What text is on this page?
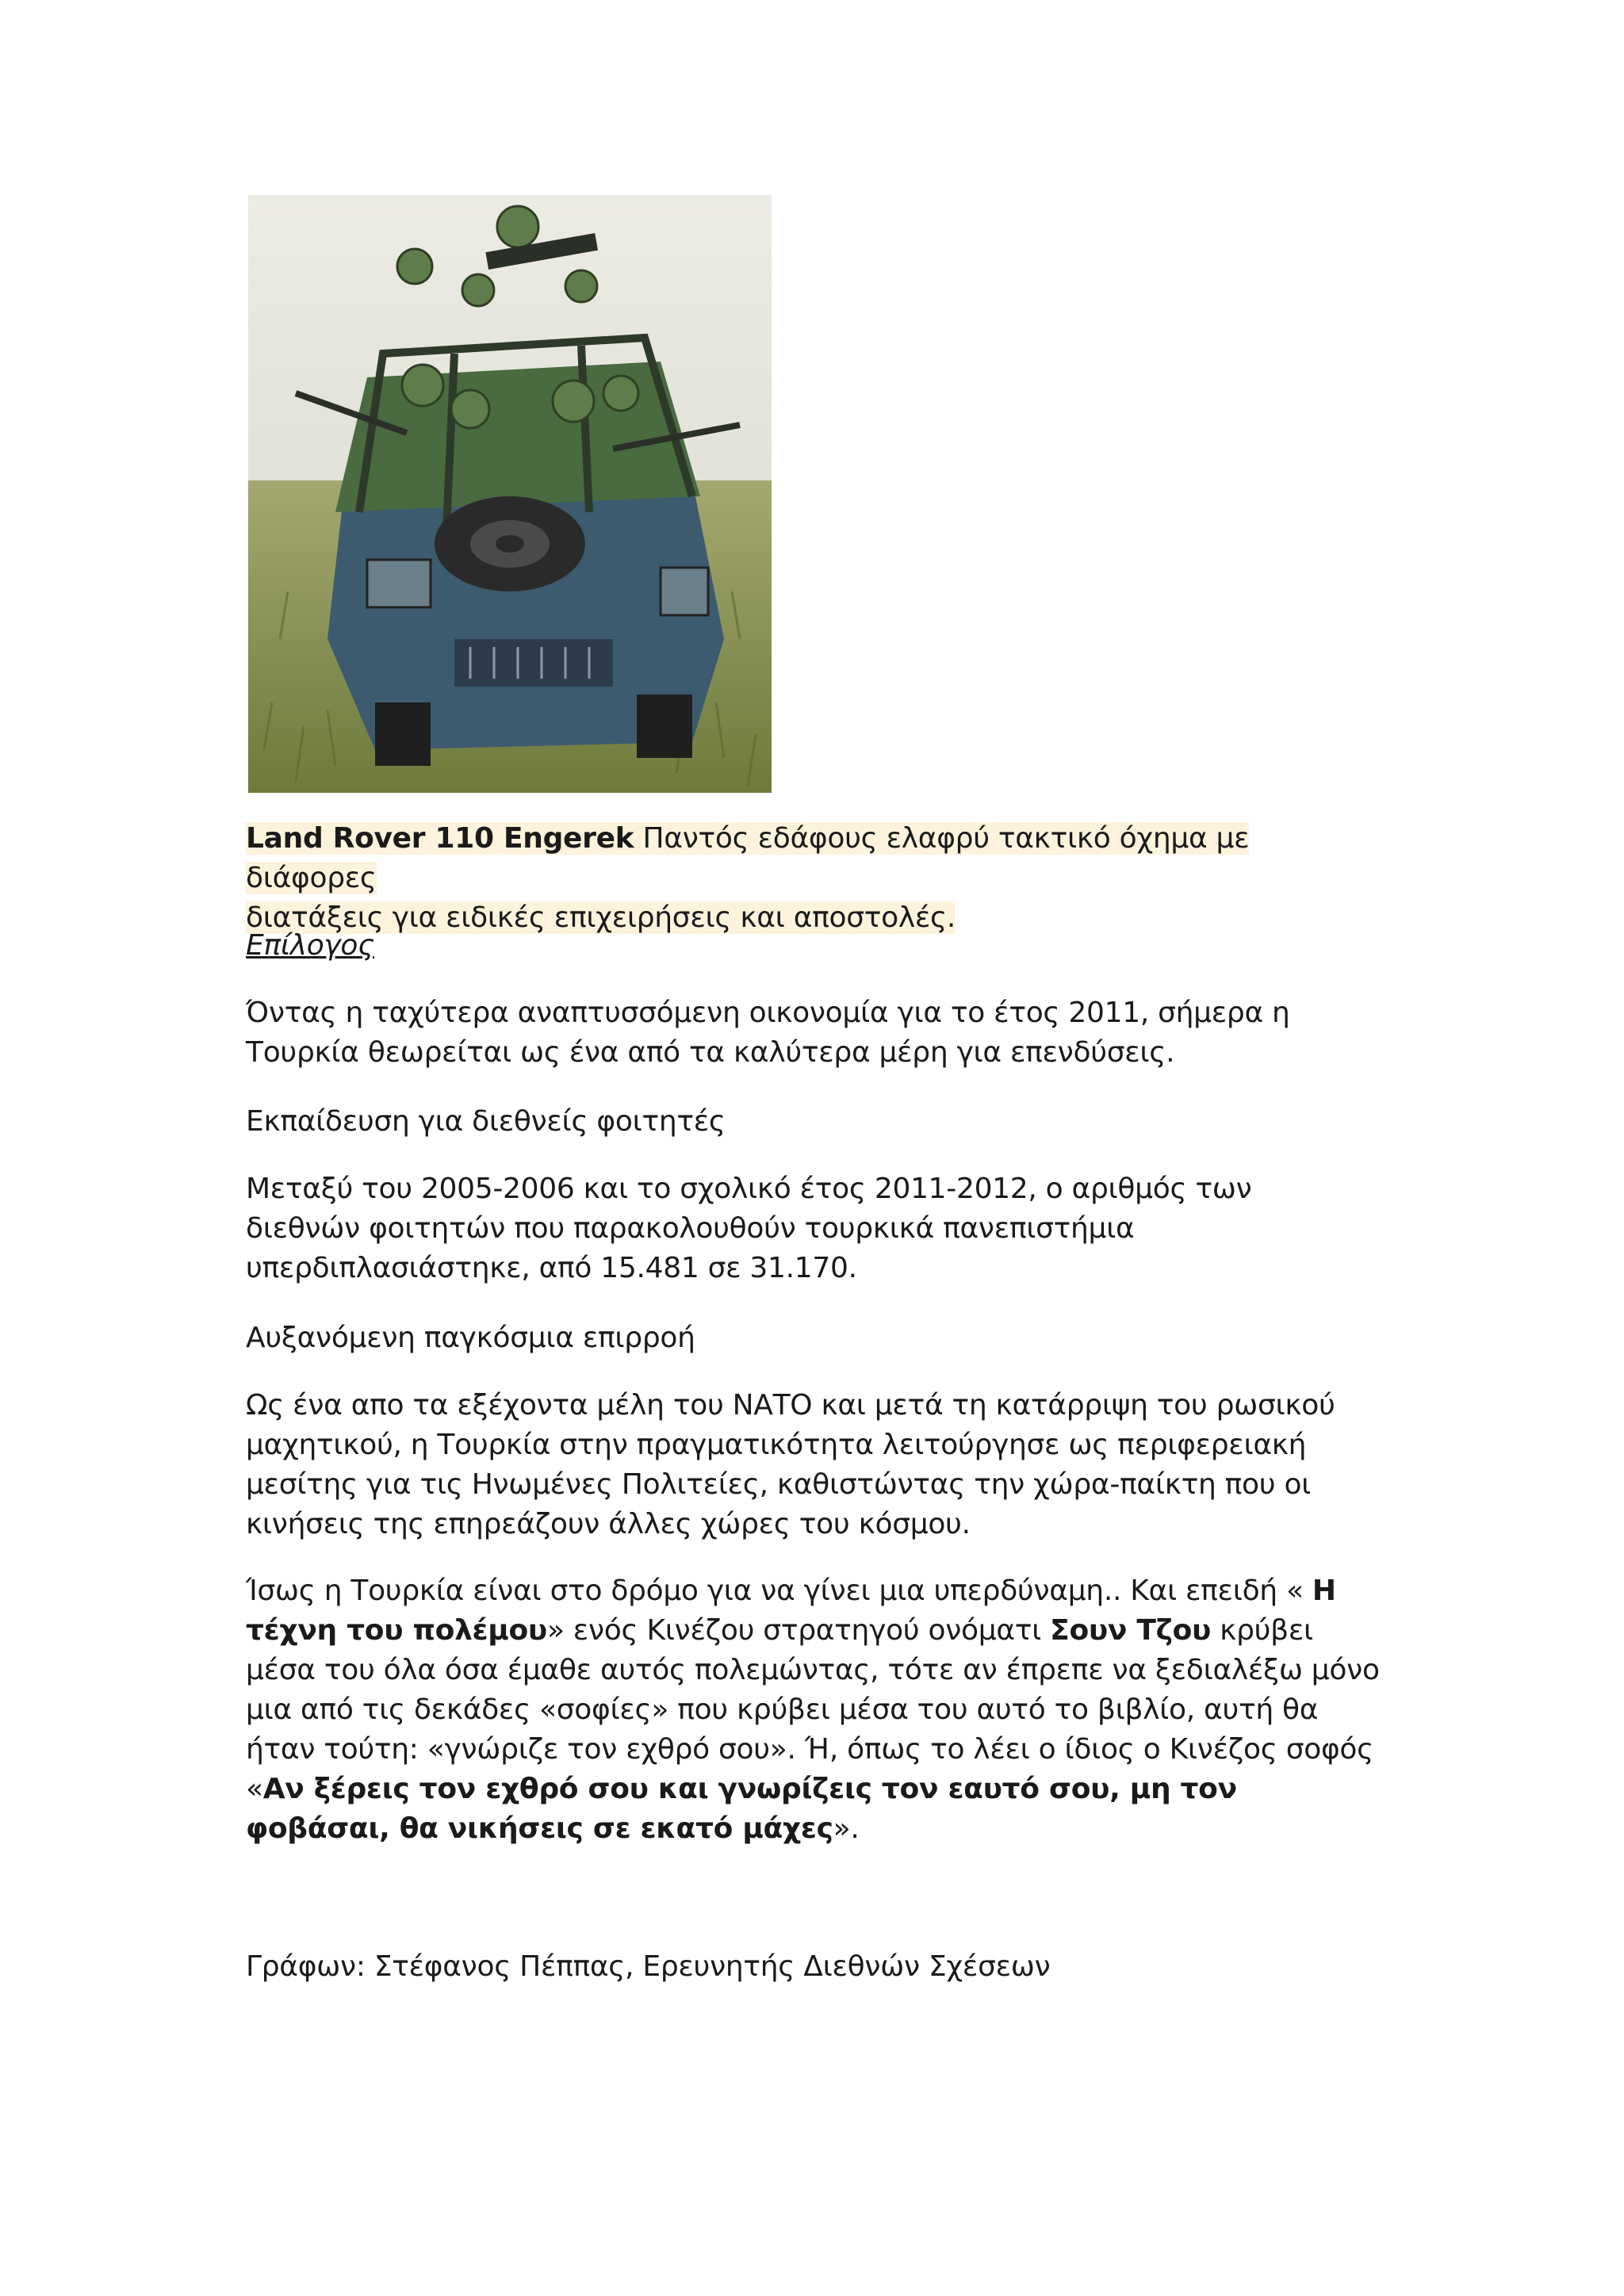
Land Rover 110 Engerek Παντός εδάφους ελαφρύ τακτικό όχημα με διάφορες
διατάξεις για ειδικές επιχειρήσεις και αποστολές.
Επίλογος

Όντας η ταχύτερα αναπτυσσόμενη οικονομία για το έτος 2011, σήμερα η Τουρκία θεωρείται ως ένα από τα καλύτερα μέρη για επενδύσεις.

Εκπαίδευση για διεθνείς φοιτητές

Μεταξύ του 2005-2006 και το σχολικό έτος 2011-2012, ο αριθμός των διεθνών φοιτητών που παρακολουθούν τουρκικά πανεπιστήμια υπερδιπλασιάστηκε, από 15.481 σε 31.170.

Αυξανόμενη παγκόσμια επιρροή

Ως ένα απο τα εξέχοντα μέλη του ΝΑΤΟ και μετά τη κατάρριψη του ρωσικού μαχητικού, η Τουρκία στην πραγματικότητα λειτούργησε ως περιφερειακή μεσίτης για τις Ηνωμένες Πολιτείες, καθιστώντας την χώρα-παίκτη που οι κινήσεις της επηρεάζουν άλλες χώρες του κόσμου.

Ίσως η Τουρκία είναι στο δρόμο για να γίνει μια υπερδύναμη.. Και επειδή « Η τέχνη του πολέμου» ενός Κινέζου στρατηγού ονόματι Σουν Τζου κρύβει μέσα του όλα όσα έμαθε αυτός πολεμώντας, τότε αν έπρεπε να ξεδιαλέξω μόνο μια από τις δεκάδες «σοφίες» που κρύβει μέσα του αυτό το βιβλίο, αυτή θα ήταν τούτη: «γνώριζε τον εχθρό σου». Ή, όπως το λέει ο ίδιος ο Κινέζος σοφός «Αν ξέρεις τον εχθρό σου και γνωρίζεις τον εαυτό σου, μη τον φοβάσαι, θα νικήσεις σε εκατό μάχες».

Γράφων: Στέφανος Πέππας, Ερευνητής Διεθνών Σχέσεων
